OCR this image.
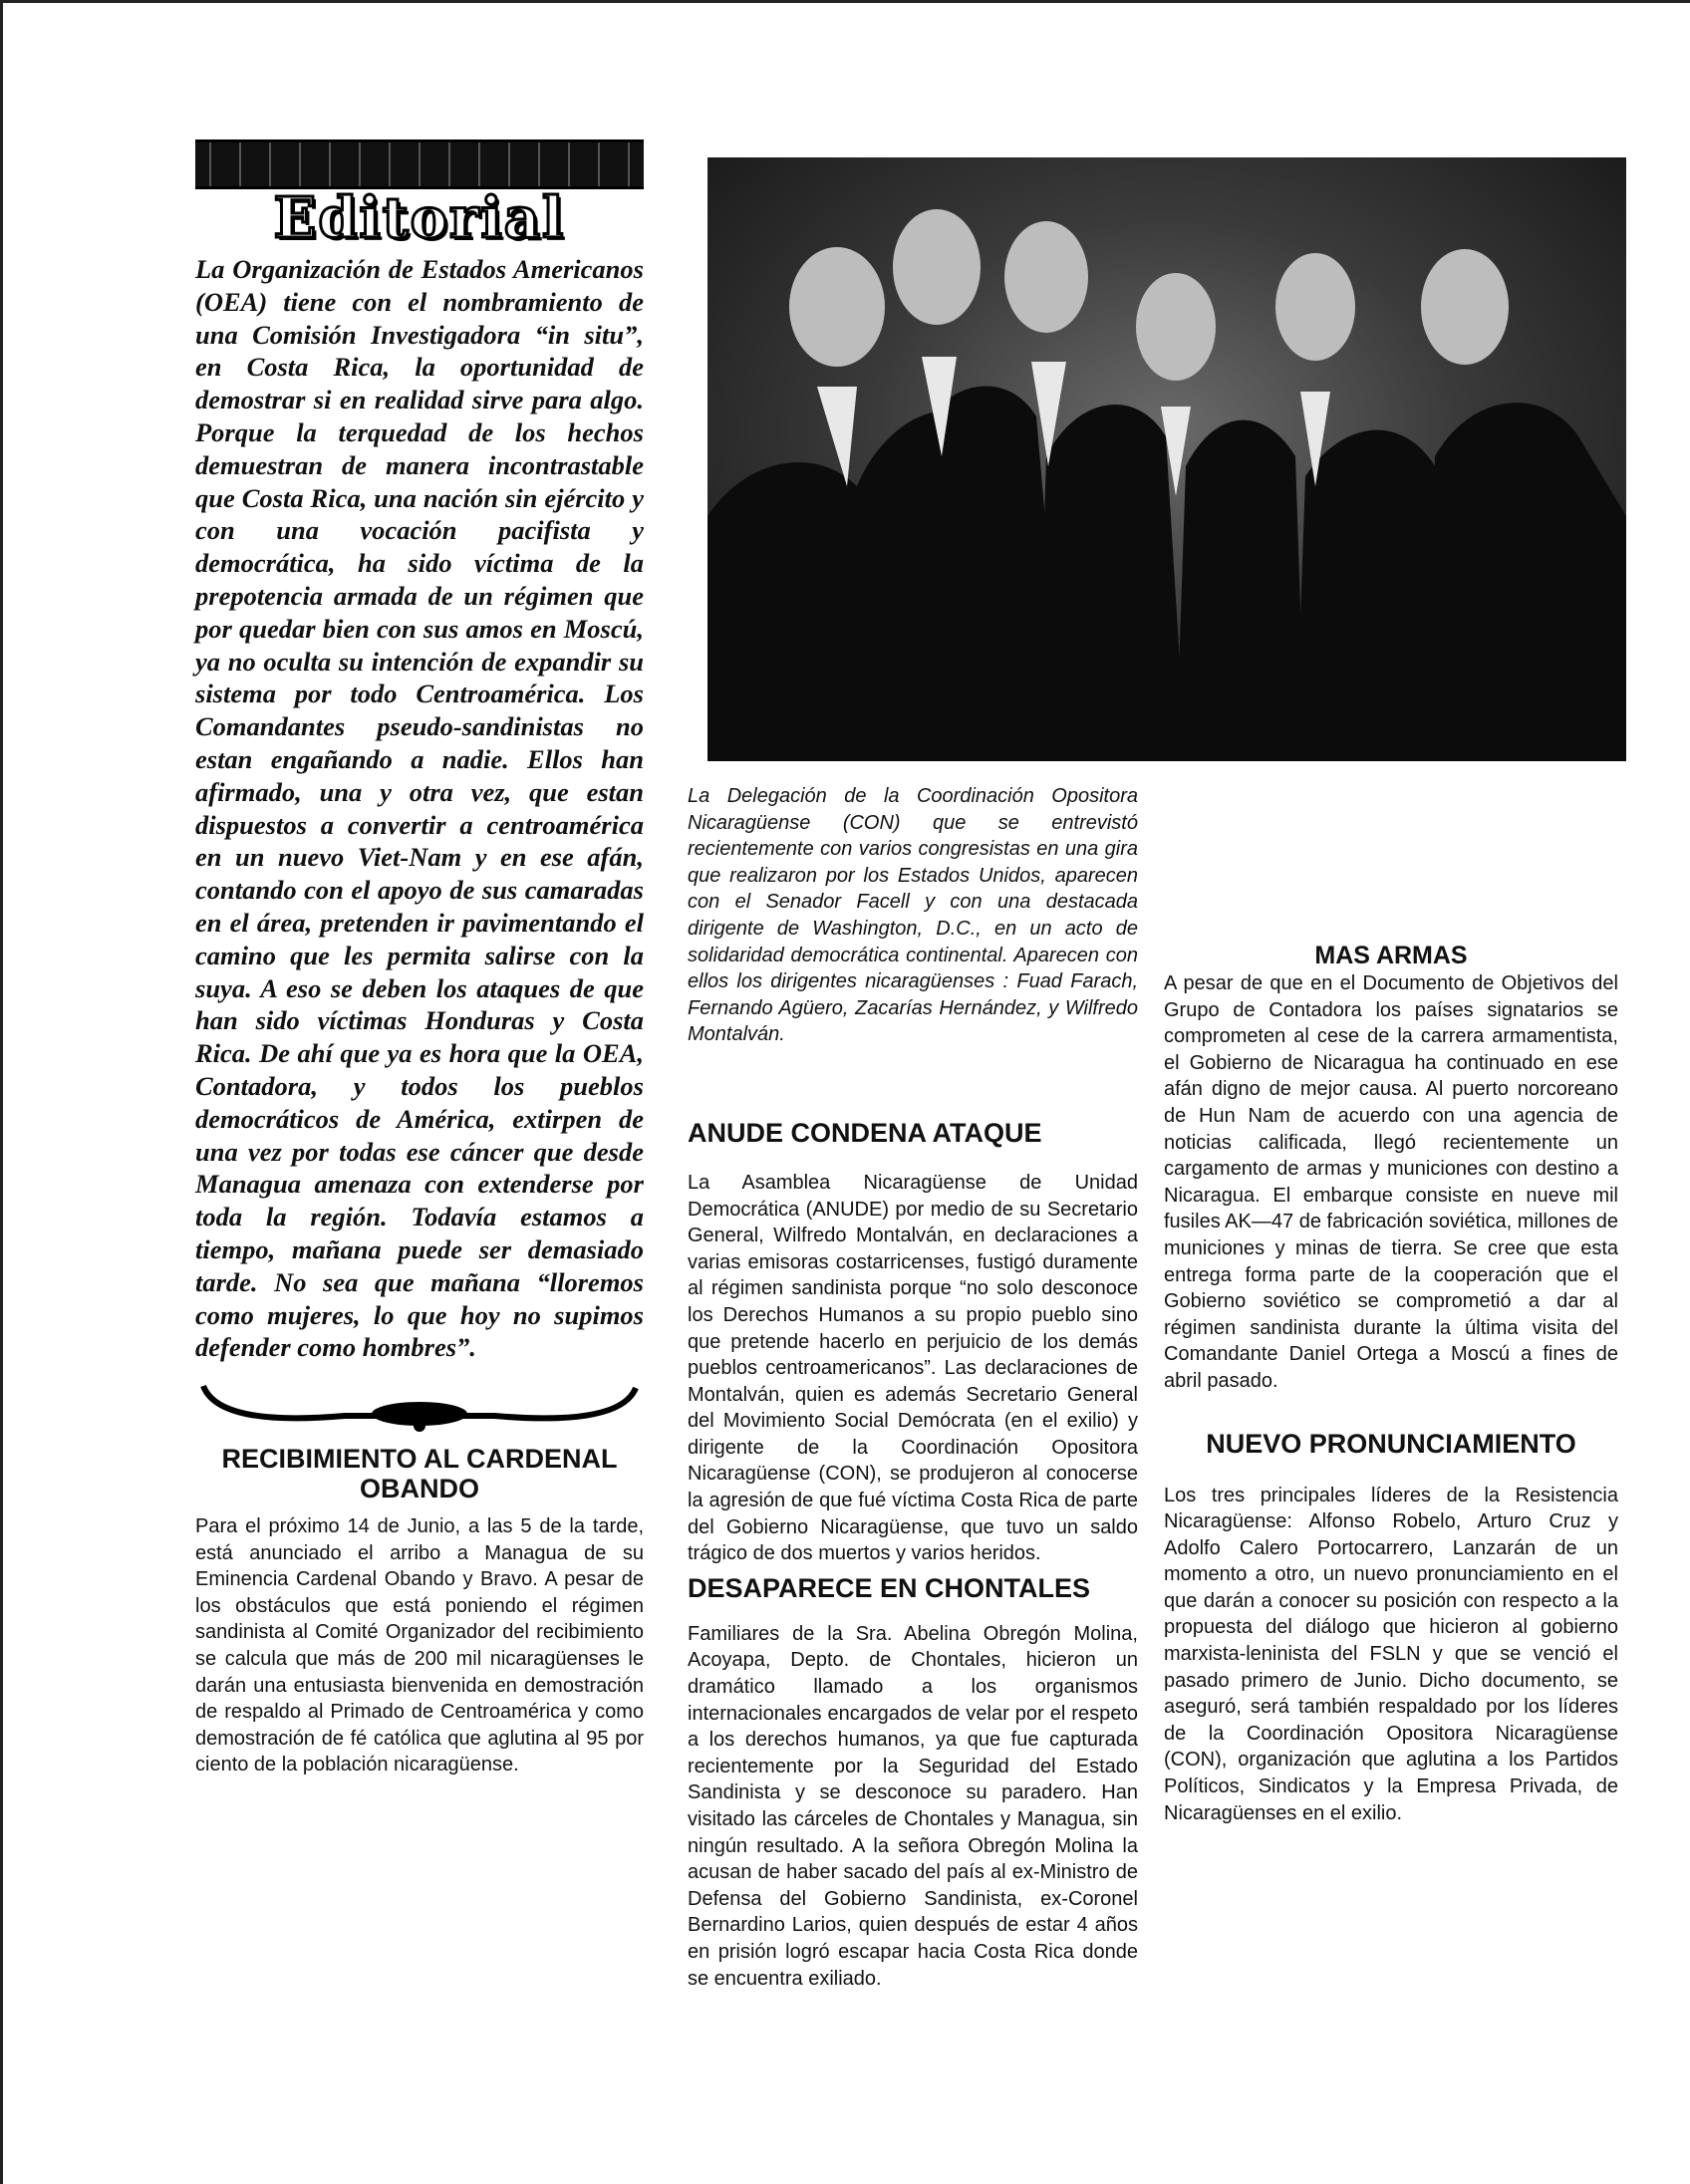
Editorial

La Organización de Estados Americanos (OEA) tiene con el nombramiento de una Comisión Investigadora “in situ”, en Costa Rica, la oportunidad de demostrar si en realidad sirve para algo. Porque la terquedad de los hechos demuestran de manera incontrastable que Costa Rica, una nación sin ejército y con una vocación pacifista y democrática, ha sido víctima de la prepotencia armada de un régimen que por quedar bien con sus amos en Moscú, ya no oculta su intención de expandir su sistema por todo Centroamérica. Los Comandantes pseudo-sandinistas no estan engañando a nadie. Ellos han afirmado, una y otra vez, que estan dispuestos a convertir a centroamérica en un nuevo Viet-Nam y en ese afán, contando con el apoyo de sus camaradas en el área, pretenden ir pavimentando el camino que les permita salirse con la suya. A eso se deben los ataques de que han sido víctimas Honduras y Costa Rica. De ahí que ya es hora que la OEA, Contadora, y todos los pueblos democráticos de América, extirpen de una vez por todas ese cáncer que desde Managua amenaza con extenderse por toda la región. Todavía estamos a tiempo, mañana puede ser demasiado tarde. No sea que mañana “lloremos como mujeres, lo que hoy no supimos defender como hombres”.

RECIBIMIENTO AL CARDENAL OBANDO

Para el próximo 14 de Junio, a las 5 de la tarde, está anunciado el arribo a Managua de su Eminencia Cardenal Obando y Bravo. A pesar de los obstáculos que está poniendo el régimen sandinista al Comité Organizador del recibimiento se calcula que más de 200 mil nicaragüenses le darán una entusiasta bienvenida en demostración de respaldo al Primado de Centroamérica y como demostración de fé católica que aglutina al 95 por ciento de la población nicaragüense.

La Delegación de la Coordinación Opositora Nicaragüense (CON) que se entrevistó recientemente con varios congresistas en una gira que realizaron por los Estados Unidos, aparecen con el Senador Facell y con una destacada dirigente de Washington, D.C., en un acto de solidaridad democrática continental. Aparecen con ellos los dirigentes nicaragüenses : Fuad Farach, Fernando Agüero, Zacarías Hernández, y Wilfredo Montalván.

ANUDE CONDENA ATAQUE

La Asamblea Nicaragüense de Unidad Democrática (ANUDE) por medio de su Secretario General, Wilfredo Montalván, en declaraciones a varias emisoras costarricenses, fustigó duramente al régimen sandinista porque “no solo desconoce los Derechos Humanos a su propio pueblo sino que pretende hacerlo en perjuicio de los demás pueblos centroamericanos”. Las declaraciones de Montalván, quien es además Secretario General del Movimiento Social Demócrata (en el exilio) y dirigente de la Coordinación Opositora Nicaragüense (CON), se produjeron al conocerse la agresión de que fué víctima Costa Rica de parte del Gobierno Nicaragüense, que tuvo un saldo trágico de dos muertos y varios heridos.

DESAPARECE EN CHONTALES

Familiares de la Sra. Abelina Obregón Molina, Acoyapa, Depto. de Chontales, hicieron un dramático llamado a los organismos internacionales encargados de velar por el respeto a los derechos humanos, ya que fue capturada recientemente por la Seguridad del Estado Sandinista y se desconoce su paradero. Han visitado las cárceles de Chontales y Managua, sin ningún resultado. A la señora Obregón Molina la acusan de haber sacado del país al ex-Ministro de Defensa del Gobierno Sandinista, ex-Coronel Bernardino Larios, quien después de estar 4 años en prisión logró escapar hacia Costa Rica donde se encuentra exiliado.

MAS ARMAS

A pesar de que en el Documento de Objetivos del Grupo de Contadora los países signatarios se comprometen al cese de la carrera armamentista, el Gobierno de Nicaragua ha continuado en ese afán digno de mejor causa. Al puerto norcoreano de Hun Nam de acuerdo con una agencia de noticias calificada, llegó recientemente un cargamento de armas y municiones con destino a Nicaragua. El embarque consiste en nueve mil fusiles AK—47 de fabricación soviética, millones de municiones y minas de tierra. Se cree que esta entrega forma parte de la cooperación que el Gobierno soviético se comprometió a dar al régimen sandinista durante la última visita del Comandante Daniel Ortega a Moscú a fines de abril pasado.

NUEVO PRONUNCIAMIENTO

Los tres principales líderes de la Resistencia Nicaragüense: Alfonso Robelo, Arturo Cruz y Adolfo Calero Portocarrero, Lanzarán de un momento a otro, un nuevo pronunciamiento en el que darán a conocer su posición con respecto a la propuesta del diálogo que hicieron al gobierno marxista-leninista del FSLN y que se venció el pasado primero de Junio. Dicho documento, se aseguró, será también respaldado por los líderes de la Coordinación Opositora Nicaragüense (CON), organización que aglutina a los Partidos Políticos, Sindicatos y la Empresa Privada, de Nicaragüenses en el exilio.
